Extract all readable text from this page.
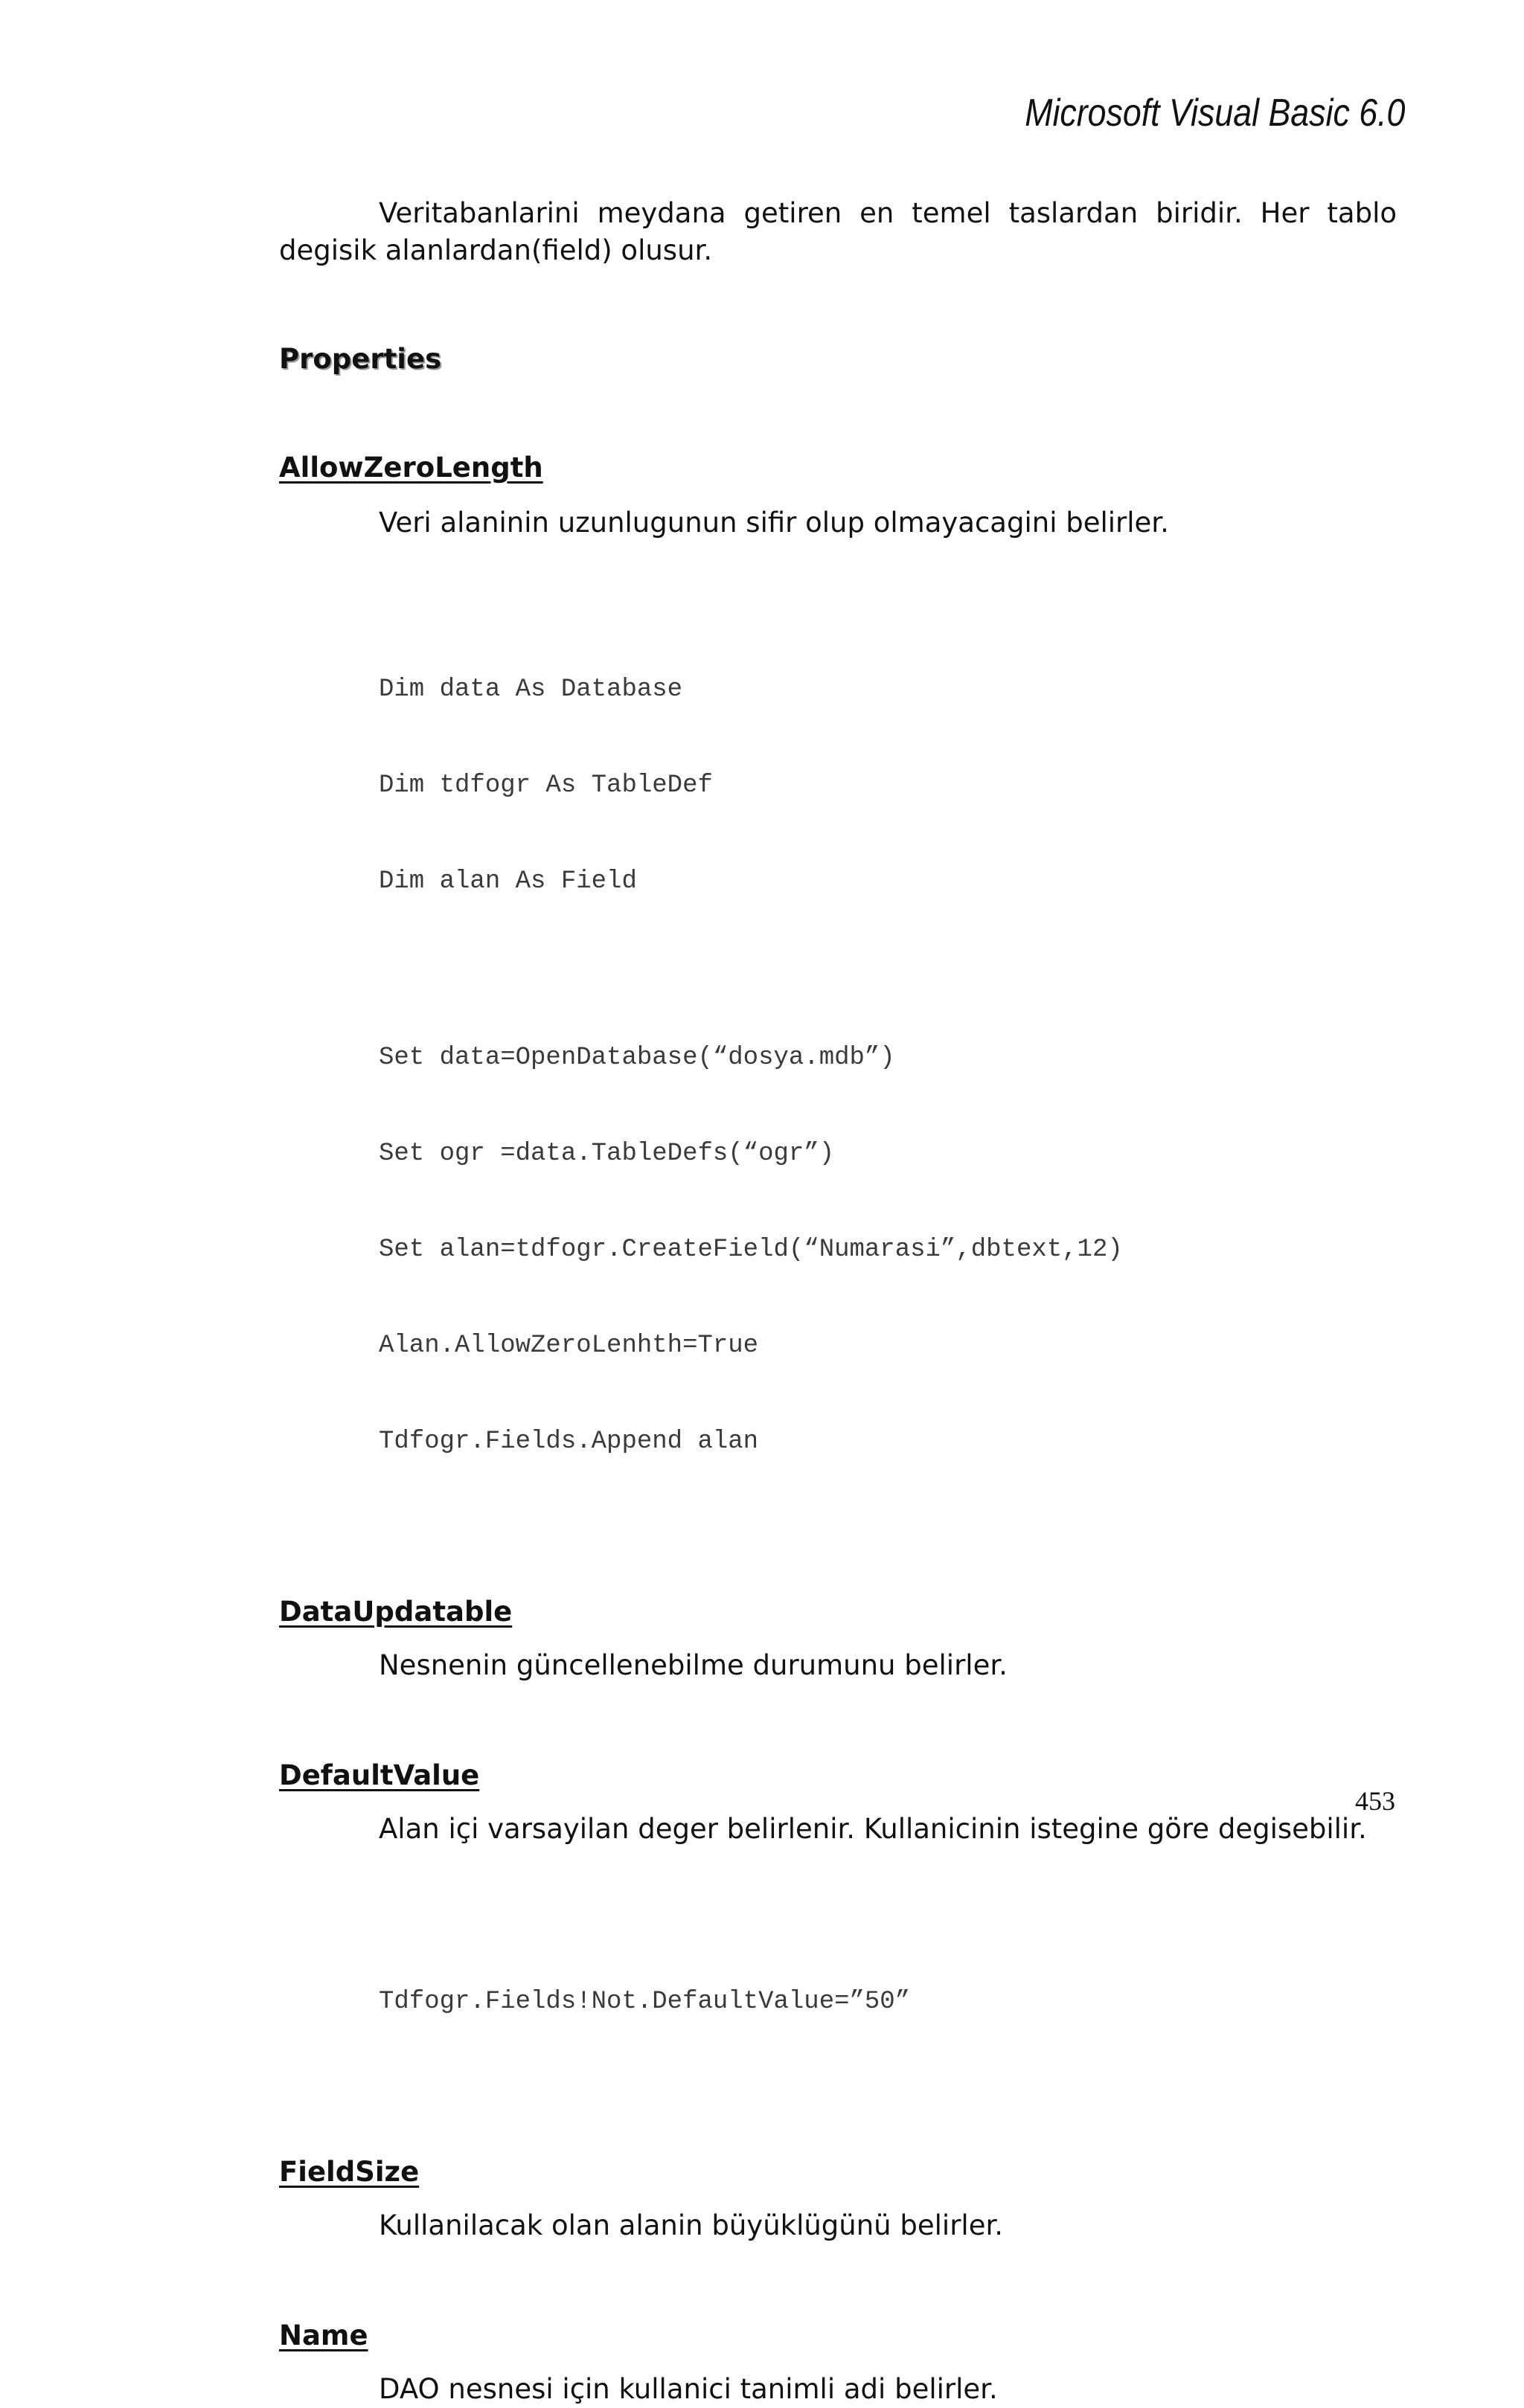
Microsoft Visual Basic 6.0

Veritabanlarini meydana getiren en temel taslardan biridir. Her tablo degisik alanlardan(field) olusur.

Properties

AllowZeroLength

Veri alaninin uzunlugunun sifir olup olmayacagini belirler.

Dim data As Database

Dim tdfogr As TableDef

Dim alan As Field

Set data=OpenDatabase(“dosya.mdb”)

Set ogr =data.TableDefs(“ogr”)

Set alan=tdfogr.CreateField(“Numarasi”,dbtext,12)

Alan.AllowZeroLenhth=True

Tdfogr.Fields.Append alan

DataUpdatable

Nesnenin güncellenebilme durumunu belirler.

DefaultValue

Alan içi varsayilan deger belirlenir. Kullanicinin istegine göre degisebilir.

Tdfogr.Fields!Not.DefaultValue=”50”

FieldSize

Kullanilacak olan alanin büyüklügünü belirler.

Name

DAO nesnesi için kullanici tanimli adi belirler.

453
